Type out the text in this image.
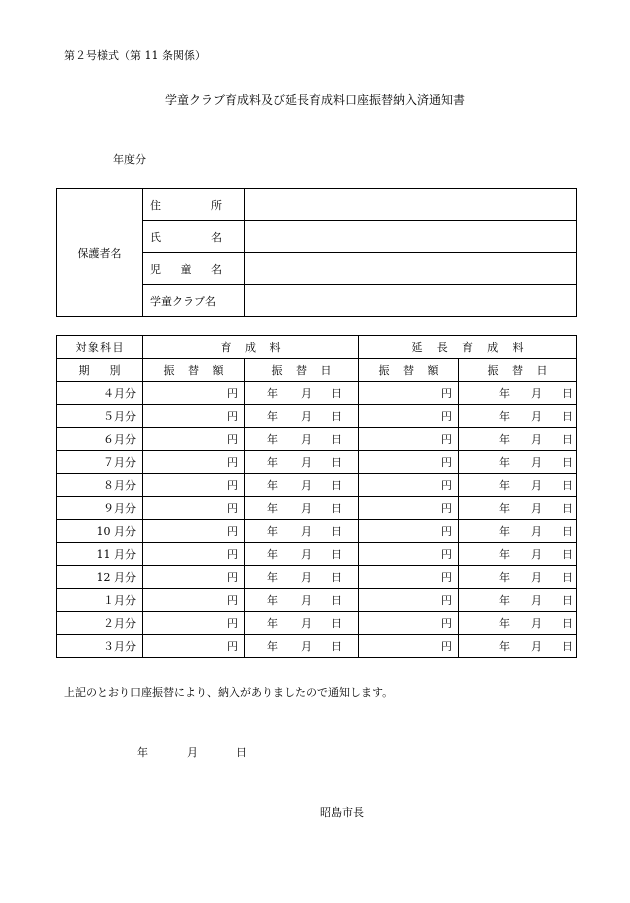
第２号様式（第 11 条関係）
学童クラブ育成料及び延長育成料口座振替納入済通知書
年度分
保護者名	住 所	

	氏 名	

	児 童 名	

	学童クラブ名	
対 象 科 目	育 成 料		延 長 育 成 料	

期 別	振 替 額	振 替 日	振 替 額	振 替 日

４月分	円	年 月 日	円	年 月 日

５月分	円	年 月 日	円	年 月 日

６月分	円	年 月 日	円	年 月 日

７月分	円	年 月 日	円	年 月 日

８月分	円	年 月 日	円	年 月 日

９月分	円	年 月 日	円	年 月 日

10 月分	円	年 月 日	円	年 月 日

11 月分	円	年 月 日	円	年 月 日

12 月分	円	年 月 日	円	年 月 日

１月分	円	年 月 日	円	年 月 日

２月分	円	年 月 日	円	年 月 日

３月分	円	年 月 日	円	年 月 日
上記のとおり口座振替により、納入がありましたので通知します。
年	月	日
昭島市長
